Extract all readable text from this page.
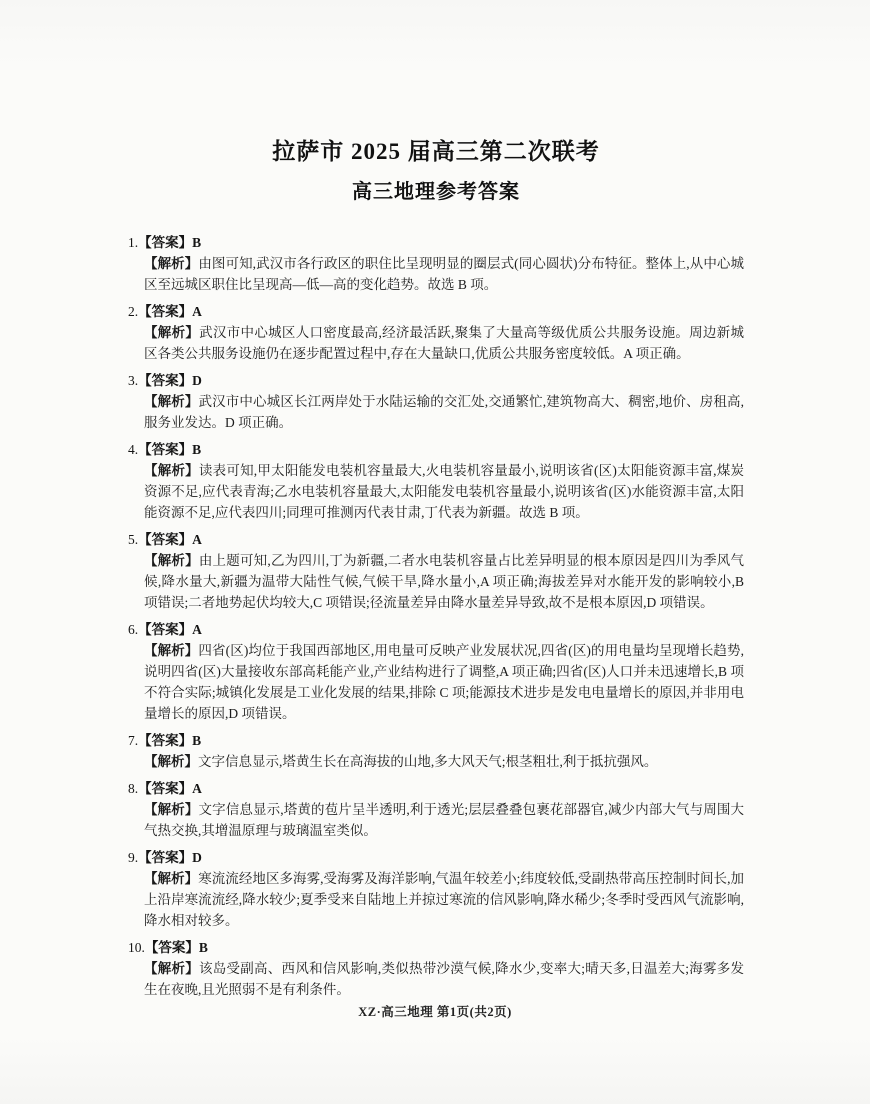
拉萨市 2025 届高三第二次联考
高三地理参考答案
1.【答案】B
【解析】由图可知,武汉市各行政区的职住比呈现明显的圈层式(同心圆状)分布特征。整体上,从中心城区至远城区职住比呈现高—低—高的变化趋势。故选 B 项。
2.【答案】A
【解析】武汉市中心城区人口密度最高,经济最活跃,聚集了大量高等级优质公共服务设施。周边新城区各类公共服务设施仍在逐步配置过程中,存在大量缺口,优质公共服务密度较低。A 项正确。
3.【答案】D
【解析】武汉市中心城区长江两岸处于水陆运输的交汇处,交通繁忙,建筑物高大、稠密,地价、房租高,服务业发达。D 项正确。
4.【答案】B
【解析】读表可知,甲太阳能发电装机容量最大,火电装机容量最小,说明该省(区)太阳能资源丰富,煤炭资源不足,应代表青海;乙水电装机容量最大,太阳能发电装机容量最小,说明该省(区)水能资源丰富,太阳能资源不足,应代表四川;同理可推测丙代表甘肃,丁代表为新疆。故选 B 项。
5.【答案】A
【解析】由上题可知,乙为四川,丁为新疆,二者水电装机容量占比差异明显的根本原因是四川为季风气候,降水量大,新疆为温带大陆性气候,气候干旱,降水量小,A 项正确;海拔差异对水能开发的影响较小,B 项错误;二者地势起伏均较大,C 项错误;径流量差异由降水量差异导致,故不是根本原因,D 项错误。
6.【答案】A
【解析】四省(区)均位于我国西部地区,用电量可反映产业发展状况,四省(区)的用电量均呈现增长趋势,说明四省(区)大量接收东部高耗能产业,产业结构进行了调整,A 项正确;四省(区)人口并未迅速增长,B 项不符合实际;城镇化发展是工业化发展的结果,排除 C 项;能源技术进步是发电电量增长的原因,并非用电量增长的原因,D 项错误。
7.【答案】B
【解析】文字信息显示,塔黄生长在高海拔的山地,多大风天气;根茎粗壮,利于抵抗强风。
8.【答案】A
【解析】文字信息显示,塔黄的苞片呈半透明,利于透光;层层叠叠包裹花部器官,减少内部大气与周围大气热交换,其增温原理与玻璃温室类似。
9.【答案】D
【解析】寒流流经地区多海雾,受海雾及海洋影响,气温年较差小;纬度较低,受副热带高压控制时间长,加上沿岸寒流流经,降水较少;夏季受来自陆地上并掠过寒流的信风影响,降水稀少;冬季时受西风气流影响,降水相对较多。
10.【答案】B
【解析】该岛受副高、西风和信风影响,类似热带沙漠气候,降水少,变率大;晴天多,日温差大;海雾多发生在夜晚,且光照弱不是有利条件。
XZ·高三地理 第1页(共2页)
